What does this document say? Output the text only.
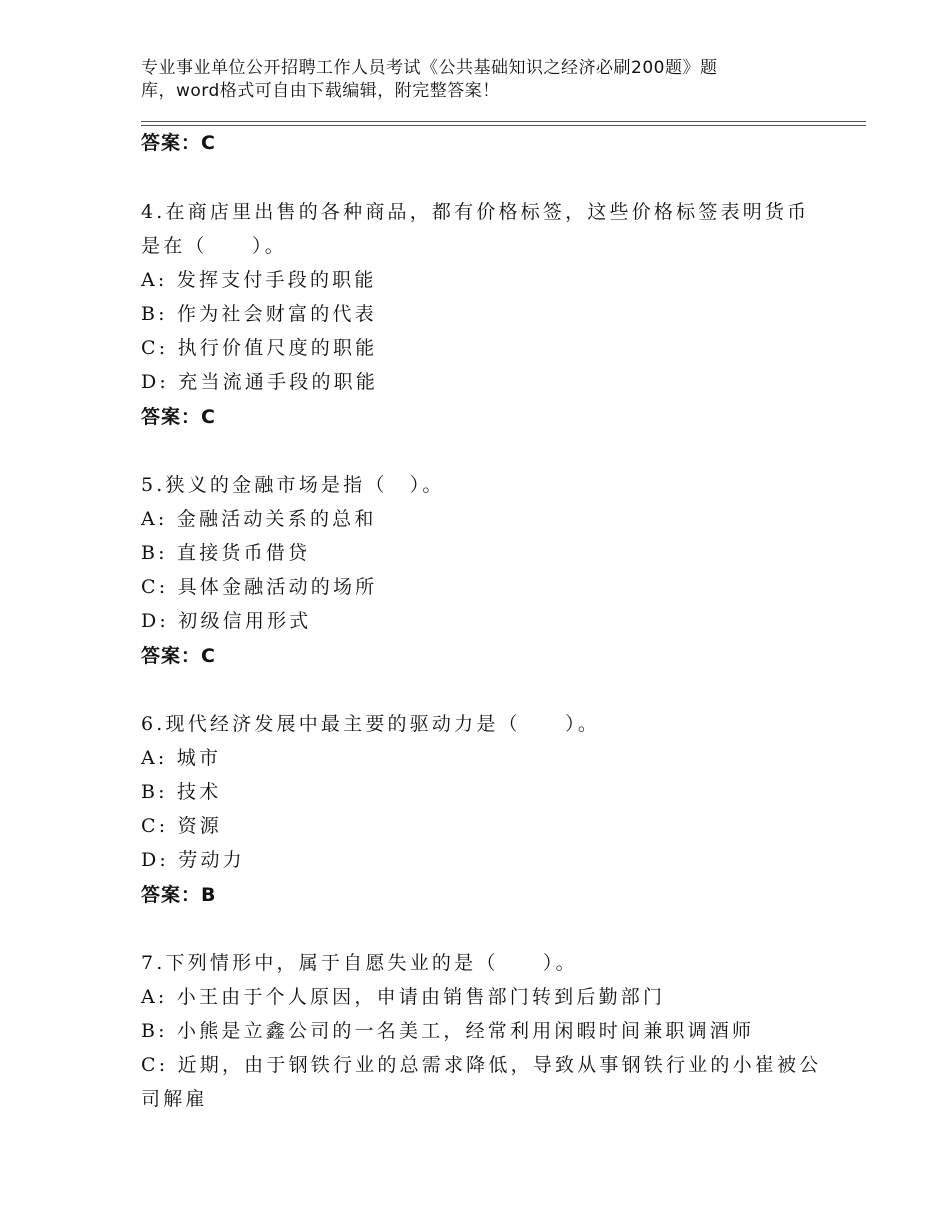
专业事业单位公开招聘工作人员考试《公共基础知识之经济必刷200题》题
库，word格式可自由下载编辑，附完整答案！
答案：C
4.在商店里出售的各种商品，都有价格标签，这些价格标签表明货币
是在（　　）。
A: 发挥支付手段的职能
B: 作为社会财富的代表
C: 执行价值尺度的职能
D: 充当流通手段的职能
答案：C
5.狭义的金融市场是指（　）。
A: 金融活动关系的总和
B: 直接货币借贷
C: 具体金融活动的场所
D: 初级信用形式
答案：C
6.现代经济发展中最主要的驱动力是（　　）。
A: 城市
B: 技术
C: 资源
D: 劳动力
答案：B
7.下列情形中，属于自愿失业的是（　　）。
A: 小王由于个人原因，申请由销售部门转到后勤部门
B: 小熊是立鑫公司的一名美工，经常利用闲暇时间兼职调酒师
C: 近期，由于钢铁行业的总需求降低，导致从事钢铁行业的小崔被公
司解雇
